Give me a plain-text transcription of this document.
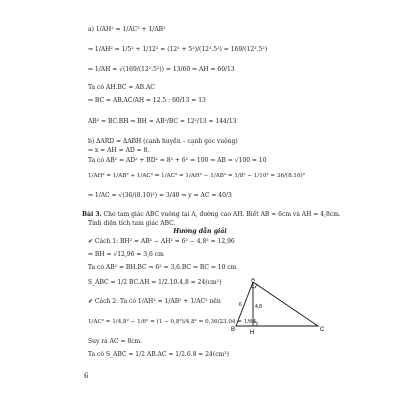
a) 1/AH² = 1/AC² + 1/AB²
⇒ 1/AH² = 1/5² + 1/12² = (12² + 5²)/(12².5²) = 169/(12².5²)
⇒ 1/AH = √(169/(12².5²)) = 13/60 ⇒ AH = 60/13
Ta có AH.BC = AB.AC
⇒ BC = AB.AC/AH = 12.5 : 60/13 = 13
AB² = BC.BH ⇒ BH = AB²/BC = 12²/13 = 144/13
b) ΔARD = ΔABH (cạnh huyền – cạnh góc vuông)
⇒ x = AH = AD = 8.
Ta có AB² = AD² + BD² = 8² + 6² = 100 ⇒ AB = √100 = 10
1/AH² = 1/AB² + 1/AC² ⇒ 1/AC² = 1/AH² − 1/AB² = 1/8² − 1/10² = 36/(8.10)²
⇒ 1/AC = √(36/(8.10)²) = 3/40 ⇒ y = AC = 40/3
Bài 3. Cho tam giác ABC vuông tại A, đường cao AH. Biết AB = 6cm và AH = 4,8cm.
Tính diện tích tam giác ABC.
Hướng dẫn giải
✔ Cách 1: BH² = AB² − AH² = 6² − 4,8² = 12,96
⇒ BH = √12,96 = 3,6 cm
Ta có AB² = BH.BC ⇒ 6² = 3,6.BC ⇒ BC = 10 cm
S_ABC = 1/2 BC.AH = 1/2.10.4,8 = 24(cm²)
✔ Cách 2: Ta có 1/AH² = 1/AB² + 1/AC² nên
1/AC² = 1/4,8² − 1/6² = (1 − 0,8²)/4,8² = 0,36/23,04 = 1/64
Suy ra AC = 8cm.
Ta có S_ABC = 1/2 AB.AC = 1/2.6.8 = 24(cm²)
A
B	C
H
6	4,8
6
